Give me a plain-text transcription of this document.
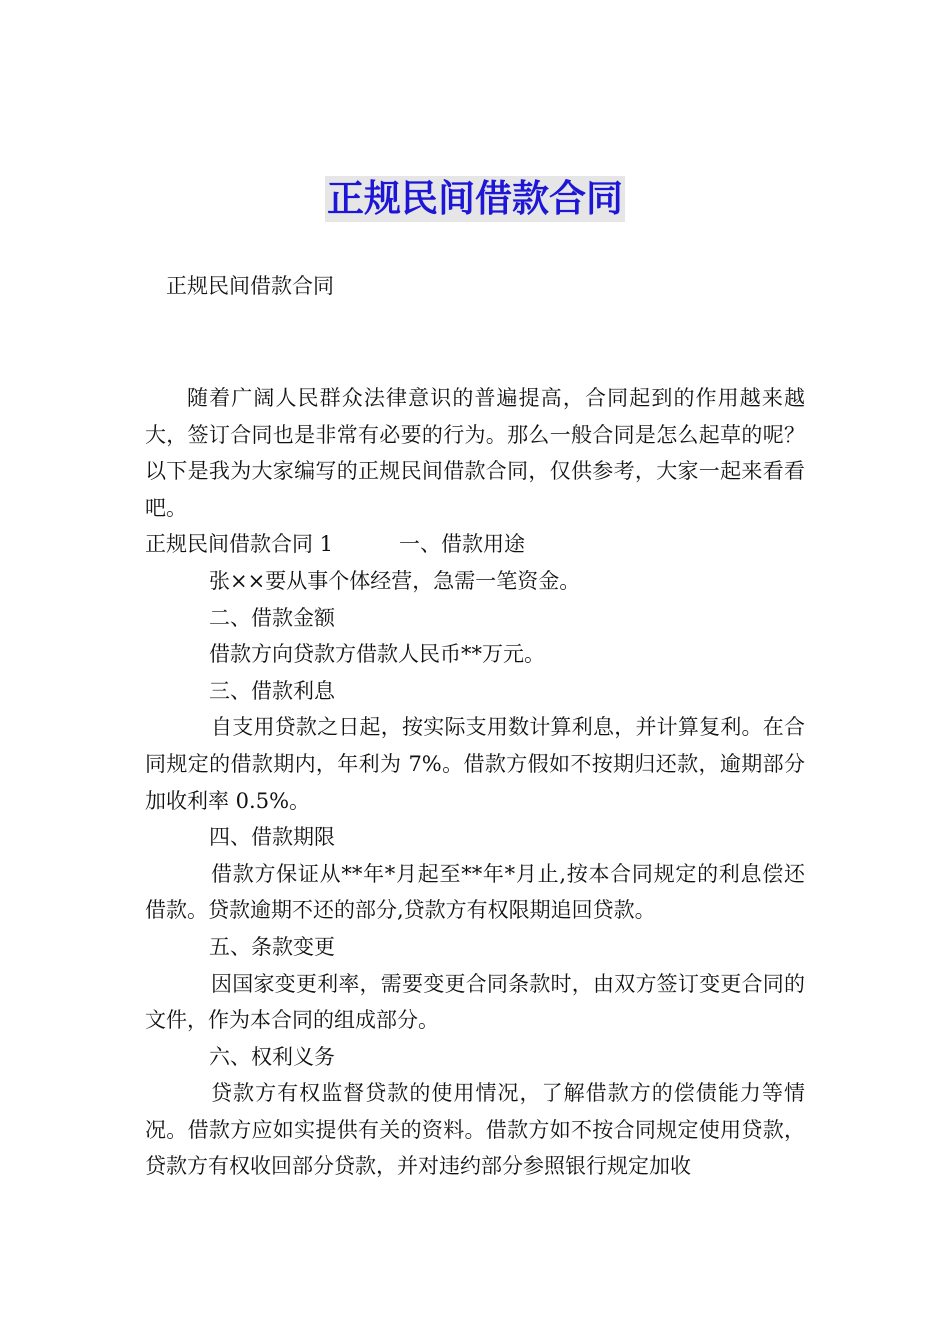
正规民间借款合同
正规民间借款合同

随着广阔人民群众法律意识的普遍提高，合同起到的作用越来越大，签订合同也是非常有必要的行为。那么一般合同是怎么起草的呢？以下是我为大家编写的正规民间借款合同，仅供参考，大家一起来看看吧。

正规民间借款合同 1	一、借款用途

张××要从事个体经营，急需一笔资金。

二、借款金额

借款方向贷款方借款人民币**万元。

三、借款利息

自支用贷款之日起，按实际支用数计算利息，并计算复利。在合同规定的借款期内，年利为 7%。借款方假如不按期归还款，逾期部分加收利率 0.5%。

四、借款期限

借款方保证从**年*月起至**年*月止,按本合同规定的利息偿还借款。贷款逾期不还的部分,贷款方有权限期追回贷款。

五、条款变更

因国家变更利率，需要变更合同条款时，由双方签订变更合同的文件，作为本合同的组成部分。

六、权利义务

贷款方有权监督贷款的使用情况，了解借款方的偿债能力等情况。借款方应如实提供有关的资料。借款方如不按合同规定使用贷款，贷款方有权收回部分贷款，并对违约部分参照银行规定加收
